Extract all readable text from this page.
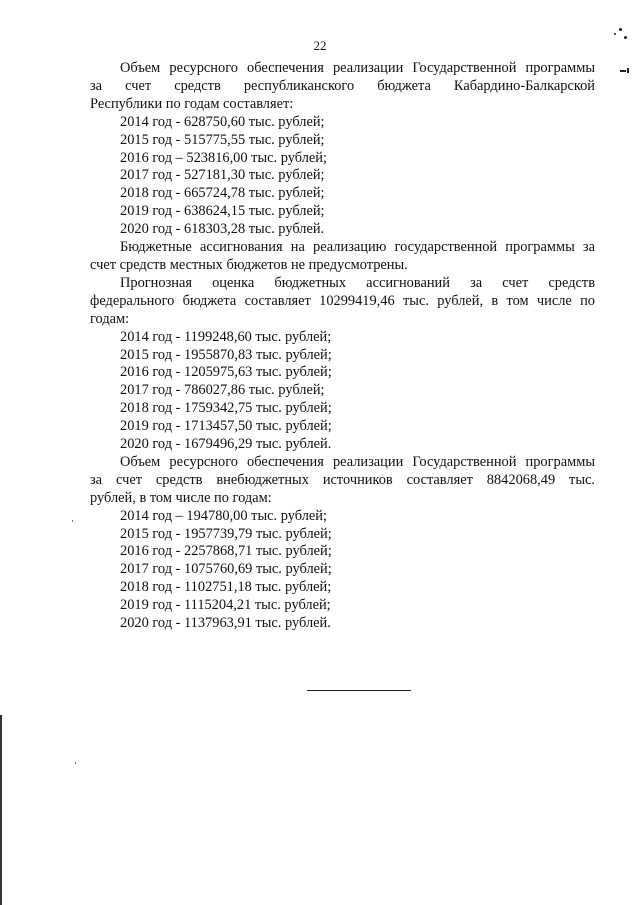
22
Объем ресурсного обеспечения реализации Государственной программы
за счет средств республиканского бюджета Кабардино-Балкарской
Республики по годам составляет:
2014 год - 628750,60 тыс. рублей;
2015 год - 515775,55 тыс. рублей;
2016 год – 523816,00 тыс. рублей;
2017 год - 527181,30 тыс. рублей;
2018 год - 665724,78 тыс. рублей;
2019 год - 638624,15 тыс. рублей;
2020 год - 618303,28 тыс. рублей.
Бюджетные ассигнования на реализацию государственной программы за
счет средств местных бюджетов не предусмотрены.
Прогнозная оценка бюджетных ассигнований за счет средств
федерального бюджета составляет 10299419,46 тыс. рублей, в том числе по
годам:
2014 год - 1199248,60 тыс. рублей;
2015 год - 1955870,83 тыс. рублей;
2016 год - 1205975,63 тыс. рублей;
2017 год - 786027,86 тыс. рублей;
2018 год - 1759342,75 тыс. рублей;
2019 год - 1713457,50 тыс. рублей;
2020 год - 1679496,29 тыс. рублей.
Объем ресурсного обеспечения реализации Государственной программы
за счет средств внебюджетных источников составляет 8842068,49 тыс.
рублей, в том числе по годам:
2014 год – 194780,00 тыс. рублей;
2015 год - 1957739,79 тыс. рублей;
2016 год - 2257868,71 тыс. рублей;
2017 год - 1075760,69 тыс. рублей;
2018 год - 1102751,18 тыс. рублей;
2019 год - 1115204,21 тыс. рублей;
2020 год - 1137963,91 тыс. рублей.
